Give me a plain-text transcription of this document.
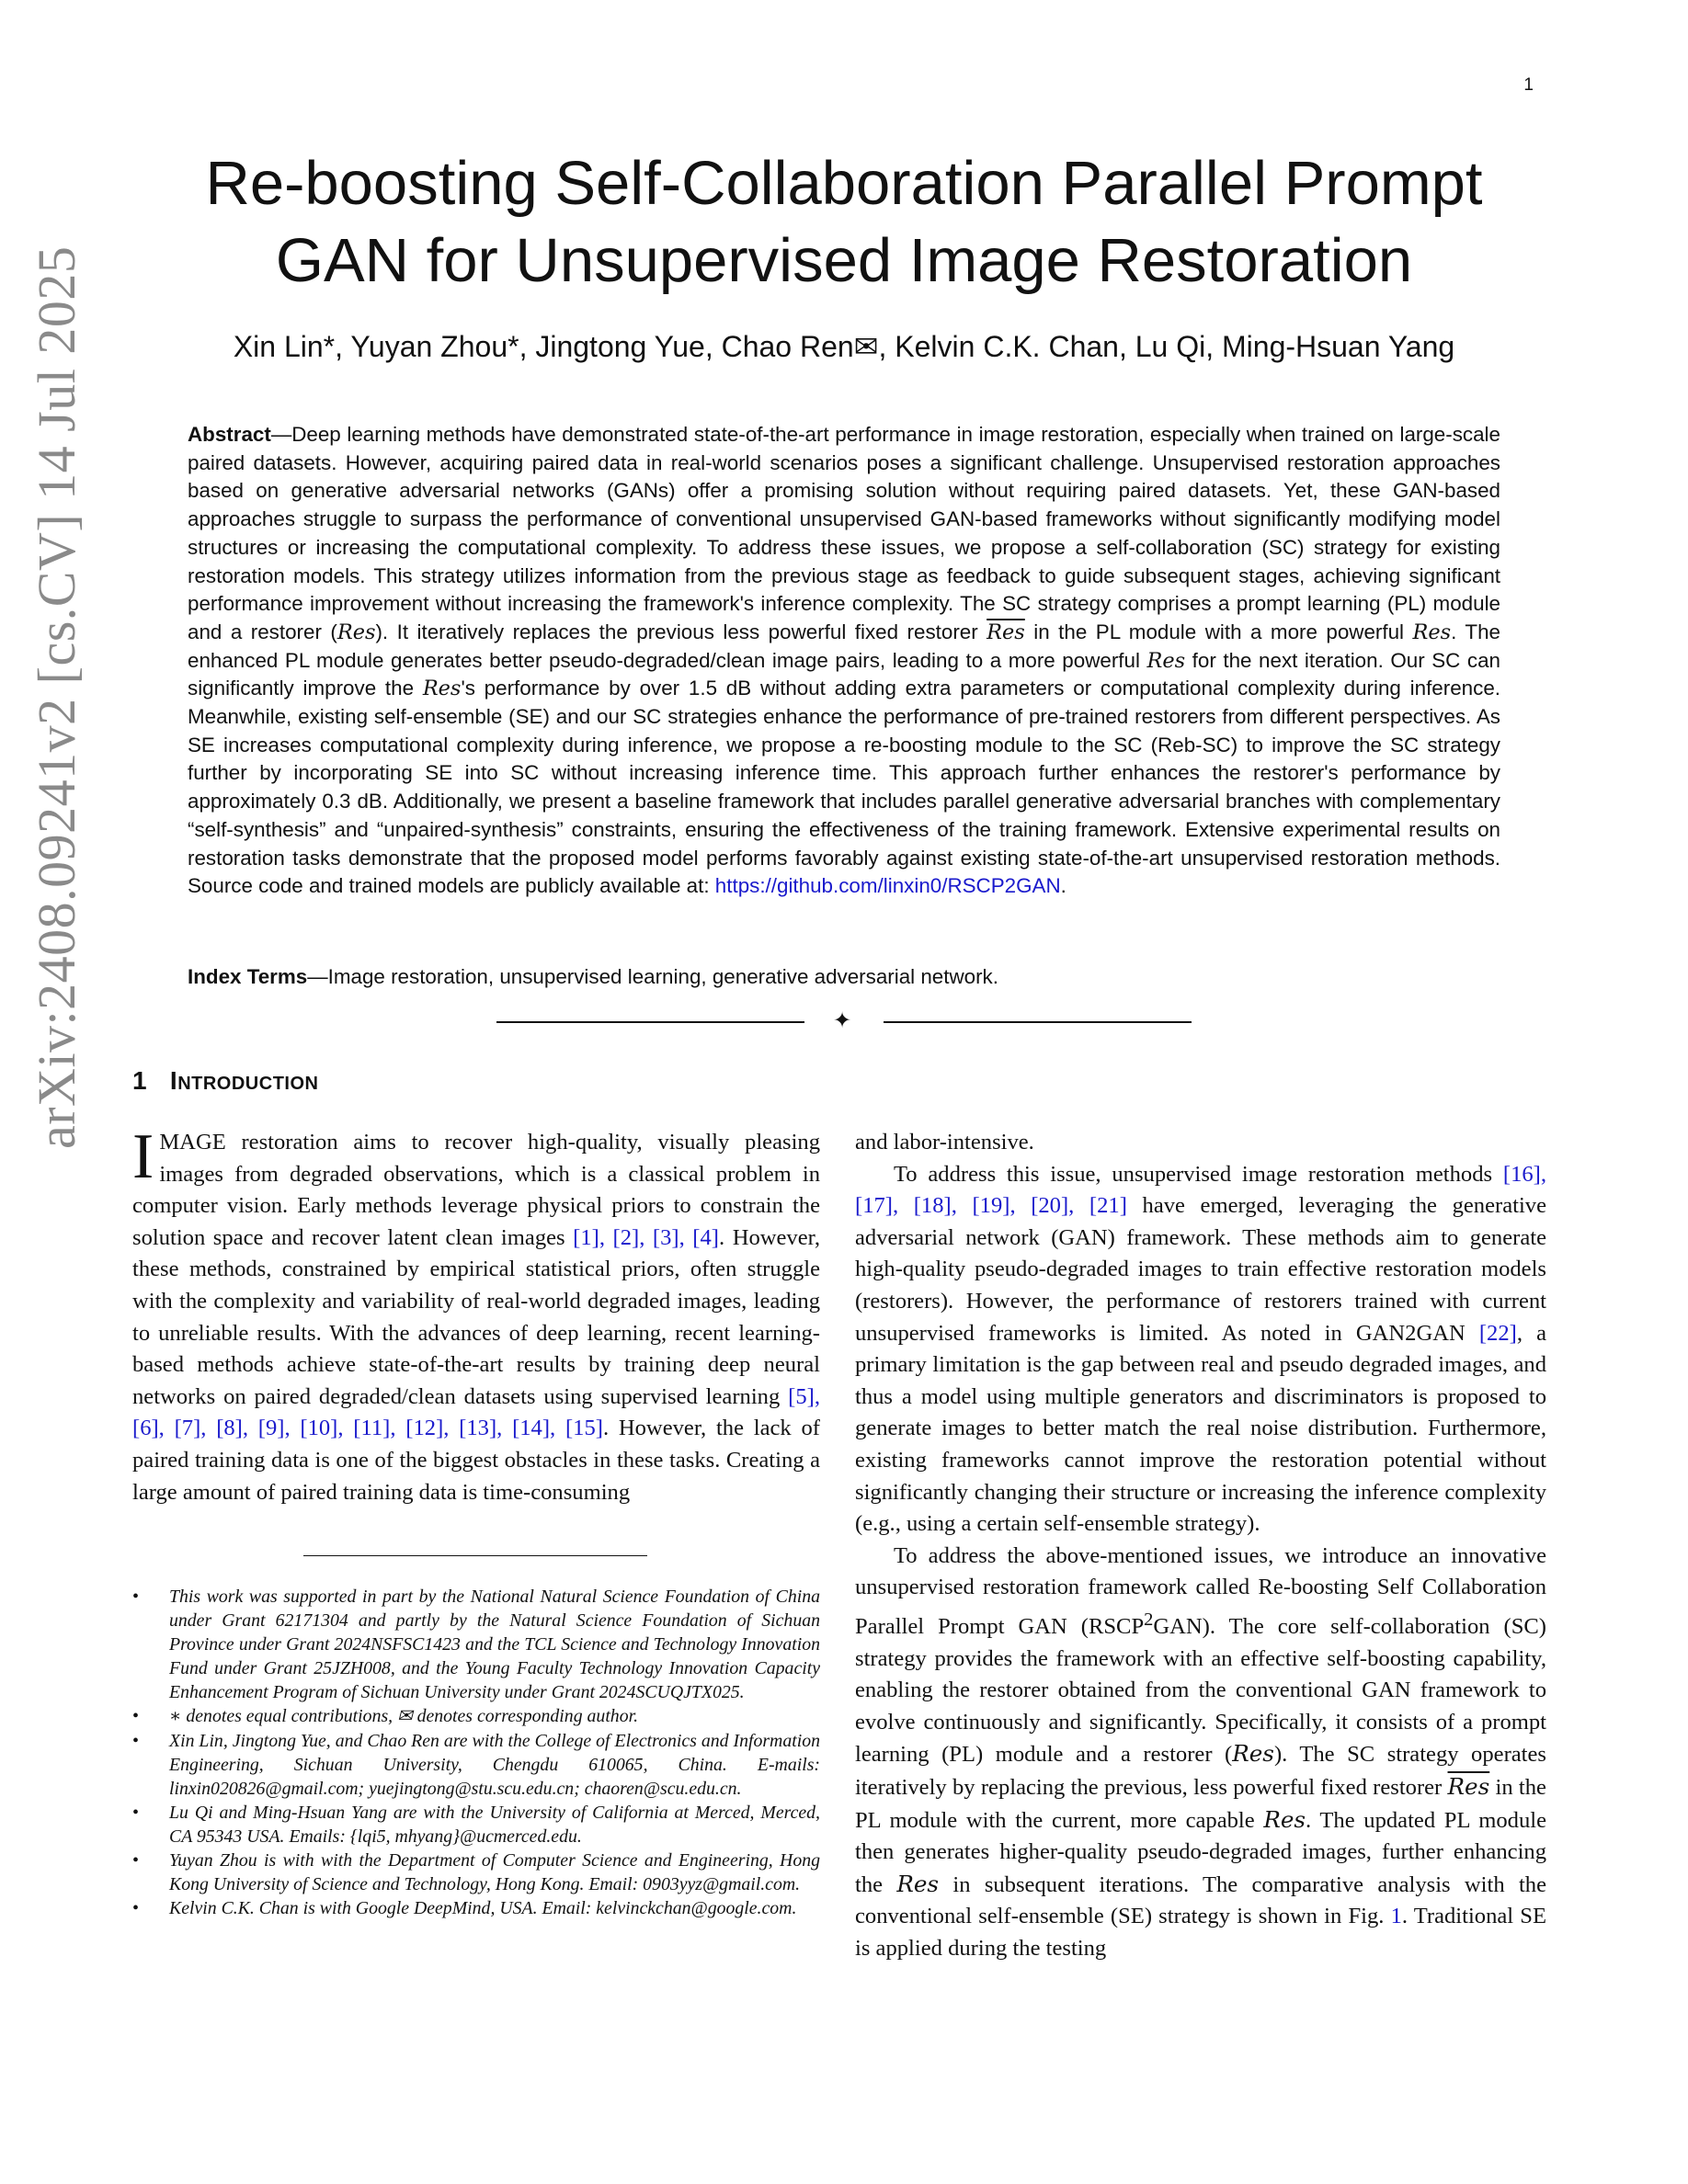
1
arXiv:2408.09241v2 [cs.CV] 14 Jul 2025
Re-boosting Self-Collaboration Parallel Prompt
GAN for Unsupervised Image Restoration
Xin Lin*, Yuyan Zhou*, Jingtong Yue, Chao Ren✉, Kelvin C.K. Chan, Lu Qi, Ming-Hsuan Yang
Abstract—Deep learning methods have demonstrated state-of-the-art performance in image restoration, especially when trained on large-scale paired datasets. However, acquiring paired data in real-world scenarios poses a significant challenge. Unsupervised restoration approaches based on generative adversarial networks (GANs) offer a promising solution without requiring paired datasets. Yet, these GAN-based approaches struggle to surpass the performance of conventional unsupervised GAN-based frameworks without significantly modifying model structures or increasing the computational complexity. To address these issues, we propose a self-collaboration (SC) strategy for existing restoration models. This strategy utilizes information from the previous stage as feedback to guide subsequent stages, achieving significant performance improvement without increasing the framework's inference complexity. The SC strategy comprises a prompt learning (PL) module and a restorer (Res). It iteratively replaces the previous less powerful fixed restorer $\overline{Res}$ in the PL module with a more powerful Res. The enhanced PL module generates better pseudo-degraded/clean image pairs, leading to a more powerful Res for the next iteration. Our SC can significantly improve the Res's performance by over 1.5 dB without adding extra parameters or computational complexity during inference. Meanwhile, existing self-ensemble (SE) and our SC strategies enhance the performance of pre-trained restorers from different perspectives. As SE increases computational complexity during inference, we propose a re-boosting module to the SC (Reb-SC) to improve the SC strategy further by incorporating SE into SC without increasing inference time. This approach further enhances the restorer's performance by approximately 0.3 dB. Additionally, we present a baseline framework that includes parallel generative adversarial branches with complementary “self-synthesis” and “unpaired-synthesis” constraints, ensuring the effectiveness of the training framework. Extensive experimental results on restoration tasks demonstrate that the proposed model performs favorably against existing state-of-the-art unsupervised restoration methods. Source code and trained models are publicly available at: https://github.com/linxin0/RSCP2GAN.
Index Terms—Image restoration, unsupervised learning, generative adversarial network.
✦
1 Introduction

IMAGE restoration aims to recover high-quality, visually pleasing images from degraded observations, which is a classical problem in computer vision. Early methods leverage physical priors to constrain the solution space and recover latent clean images [1], [2], [3], [4]. However, these methods, constrained by empirical statistical priors, often struggle with the complexity and variability of real-world degraded images, leading to unreliable results. With the advances of deep learning, recent learning-based methods achieve state-of-the-art results by training deep neural networks on paired degraded/clean datasets using supervised learning [5], [6], [7], [8], [9], [10], [11], [12], [13], [14], [15]. However, the lack of paired training data is one of the biggest obstacles in these tasks. Creating a large amount of paired training data is time-consuming

• This work was supported in part by the National Natural Science Foundation of China under Grant 62171304 and partly by the Natural Science Foundation of Sichuan Province under Grant 2024NSFSC1423 and the TCL Science and Technology Innovation Fund under Grant 25JZH008, and the Young Faculty Technology Innovation Capacity Enhancement Program of Sichuan University under Grant 2024SCUQJTX025.
• ∗ denotes equal contributions, ✉ denotes corresponding author.
• Xin Lin, Jingtong Yue, and Chao Ren are with the College of Electronics and Information Engineering, Sichuan University, Chengdu 610065, China. E-mails: linxin020826@gmail.com; yuejingtong@stu.scu.edu.cn; chaoren@scu.edu.cn.
• Lu Qi and Ming-Hsuan Yang are with the University of California at Merced, Merced, CA 95343 USA. Emails: {lqi5, mhyang}@ucmerced.edu.
• Yuyan Zhou is with with the Department of Computer Science and Engineering, Hong Kong University of Science and Technology, Hong Kong. Email: 0903yyz@gmail.com.
• Kelvin C.K. Chan is with Google DeepMind, USA. Email: kelvinckchan@google.com.

and labor-intensive.

To address this issue, unsupervised image restoration methods [16], [17], [18], [19], [20], [21] have emerged, leveraging the generative adversarial network (GAN) framework. These methods aim to generate high-quality pseudo-degraded images to train effective restoration models (restorers). However, the performance of restorers trained with current unsupervised frameworks is limited. As noted in GAN2GAN [22], a primary limitation is the gap between real and pseudo degraded images, and thus a model using multiple generators and discriminators is proposed to generate images to better match the real noise distribution. Furthermore, existing frameworks cannot improve the restoration potential without significantly changing their structure or increasing the inference complexity (e.g., using a certain self-ensemble strategy).

To address the above-mentioned issues, we introduce an innovative unsupervised restoration framework called Re-boosting Self Collaboration Parallel Prompt GAN (RSCP$^2$GAN). The core self-collaboration (SC) strategy provides the framework with an effective self-boosting capability, enabling the restorer obtained from the conventional GAN framework to evolve continuously and significantly. Specifically, it consists of a prompt learning (PL) module and a restorer (Res). The SC strategy operates iteratively by replacing the previous, less powerful fixed restorer $\overline{Res}$ in the PL module with the current, more capable Res. The updated PL module then generates higher-quality pseudo-degraded images, further enhancing the Res in subsequent iterations. The comparative analysis with the conventional self-ensemble (SE) strategy is shown in Fig. 1. Traditional SE is applied during the testing
